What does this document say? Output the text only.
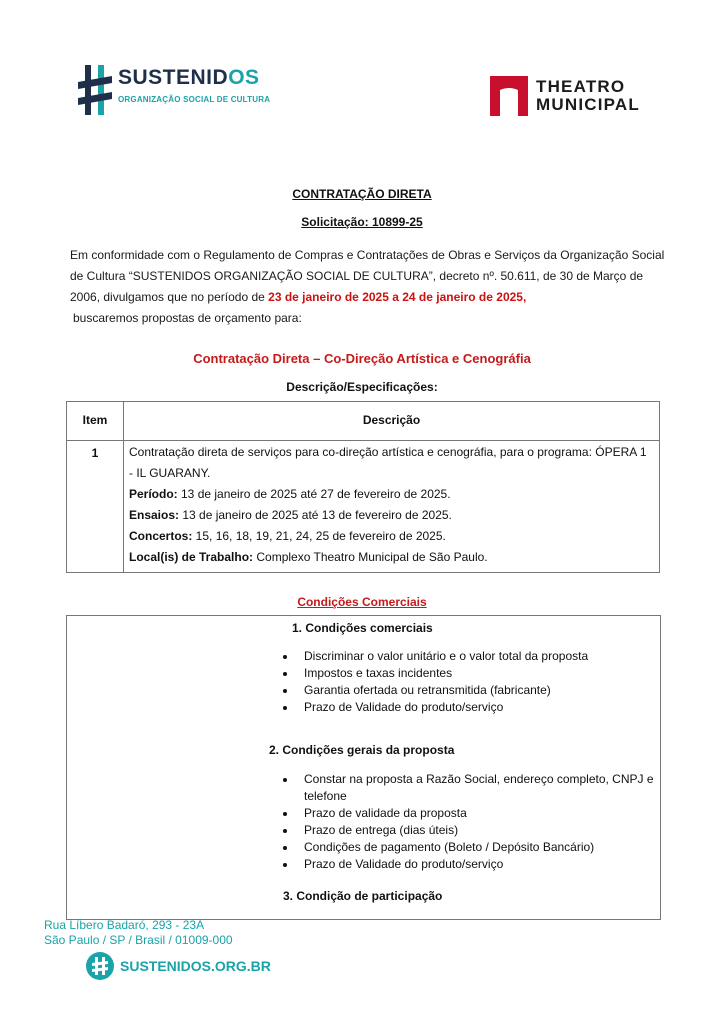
SUSTENIDOS
ORGANIZAÇÃO SOCIAL DE CULTURA
THEATRO
MUNICIPAL
CONTRATAÇÃO DIRETA
Solicitação: 10899-25
Em conformidade com o Regulamento de Compras e Contratações de Obras e Serviços da Organização Social de Cultura “SUSTENIDOS ORGANIZAÇÃO SOCIAL DE CULTURA”, decreto nº. 50.611, de 30 de Março de 2006, divulgamos que no período de 23 de janeiro de 2025 a 24 de janeiro de 2025,
buscaremos propostas de orçamento para:
Contratação Direta – Co-Direção Artística e Cenográfia
Descrição/Especificações:
Item	Descrição
1	Contratação direta de serviços para co-direção artística e cenográfia, para o programa: ÓPERA 1

- IL GUARANY.

Período: 13 de janeiro de 2025 até 27 de fevereiro de 2025.

Ensaios: 13 de janeiro de 2025 até 13 de fevereiro de 2025.

Concertos: 15, 16, 18, 19, 21, 24, 25 de fevereiro de 2025.

Local(is) de Trabalho: Complexo Theatro Municipal de São Paulo.

Condições Comerciais
1. Condições comerciais
Discriminar o valor unitário e o valor total da proposta
Impostos e taxas incidentes
Garantia ofertada ou retransmitida (fabricante)
Prazo de Validade do produto/serviço
2. Condições gerais da proposta
Constar na proposta a Razão Social, endereço completo, CNPJ e telefone
Prazo de validade da proposta
Prazo de entrega (dias úteis)
Condições de pagamento (Boleto / Depósito Bancário)
Prazo de Validade do produto/serviço
3. Condição de participação
Rua Líbero Badaró, 293 - 23A
São Paulo / SP / Brasil / 01009-000
SUSTENIDOS.ORG.BR
